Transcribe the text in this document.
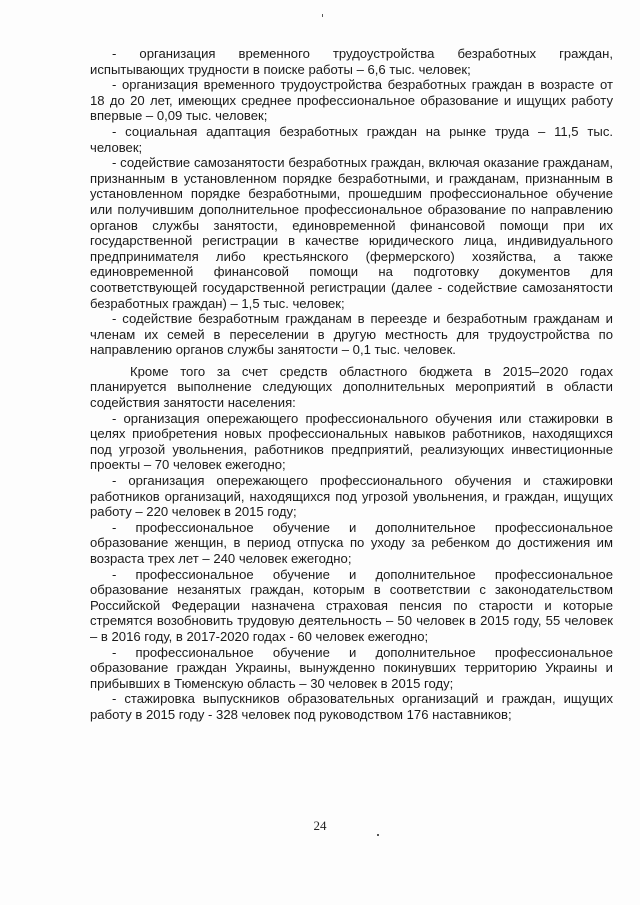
- организация временного трудоустройства безработных граждан, испытывающих трудности в поиске работы – 6,6 тыс. человек;

- организация временного трудоустройства безработных граждан в возрасте от 18 до 20 лет, имеющих среднее профессиональное образование и ищущих работу впервые – 0,09 тыс. человек;

- социальная адаптация безработных граждан на рынке труда – 11,5 тыс. человек;

- содействие самозанятости безработных граждан, включая оказание гражданам, признанным в установленном порядке безработными, и гражданам, признанным в установленном порядке безработными, прошедшим профессиональное обучение или получившим дополнительное профессиональное образование по направлению органов службы занятости, единовременной финансовой помощи при их государственной регистрации в качестве юридического лица, индивидуального предпринимателя либо крестьянского (фермерского) хозяйства, а также единовременной финансовой помощи на подготовку документов для соответствующей государственной регистрации (далее - содействие самозанятости безработных граждан) – 1,5 тыс. человек;

- содействие безработным гражданам в переезде и безработным гражданам и членам их семей в переселении в другую местность для трудоустройства по направлению органов службы занятости – 0,1 тыс. человек.

Кроме того за счет средств областного бюджета в 2015–2020 годах планируется выполнение следующих дополнительных мероприятий в области содействия занятости населения:

- организация опережающего профессионального обучения или стажировки в целях приобретения новых профессиональных навыков работников, находящихся под угрозой увольнения, работников предприятий, реализующих инвестиционные проекты – 70 человек ежегодно;

- организация опережающего профессионального обучения и стажировки работников организаций, находящихся под угрозой увольнения, и граждан, ищущих работу – 220 человек в 2015 году;

- профессиональное обучение и дополнительное профессиональное образование женщин, в период отпуска по уходу за ребенком до достижения им возраста трех лет – 240 человек ежегодно;

- профессиональное обучение и дополнительное профессиональное образование незанятых граждан, которым в соответствии с законодательством Российской Федерации назначена страховая пенсия по старости и которые стремятся возобновить трудовую деятельность – 50 человек в 2015 году, 55 человек – в 2016 году, в 2017-2020 годах - 60 человек ежегодно;

- профессиональное обучение и дополнительное профессиональное образование граждан Украины, вынужденно покинувших территорию Украины и прибывших в Тюменскую область – 30 человек в 2015 году;

- стажировка выпускников образовательных организаций и граждан, ищущих работу в 2015 году - 328 человек под руководством 176 наставников;

24
